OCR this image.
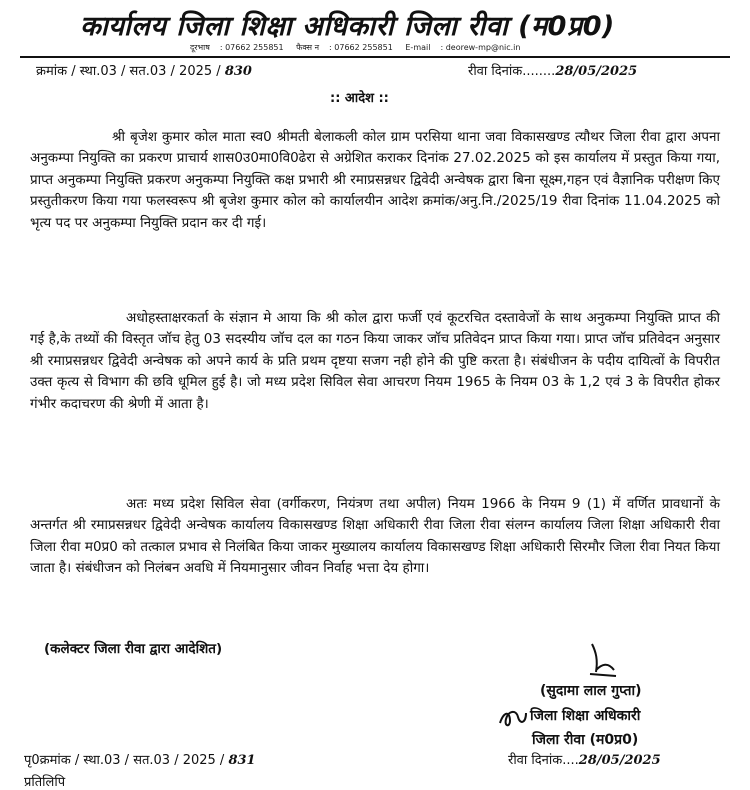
कार्यालय जिला शिक्षा अधिकारी जिला रीवा (म0प्र0)
दूरभाष : 07662 255851 फैक्स न : 07662 255851 E-mail : deorew-mp@nic.in
क्रमांक / स्था.03 / सत.03 / 2025 / 830	रीवा दिनांक........28/05/2025
:: आदेश ::

श्री बृजेश कुमार कोल माता स्व0 श्रीमती बेलाकली कोल ग्राम परसिया थाना जवा विकासखण्ड त्यौथर जिला रीवा द्वारा अपना अनुकम्पा नियुक्ति का प्रकरण प्राचार्य शास0उ0मा0वि0ढेरा से अग्रेशित कराकर दिनांक 27.02.2025 को इस कार्यालय में प्रस्तुत किया गया, प्राप्त अनुकम्पा नियुक्ति प्रकरण अनुकम्पा नियुक्ति कक्ष प्रभारी श्री रमाप्रसन्नधर द्विवेदी अन्वेषक द्वारा बिना सूक्ष्म,गहन एवं वैज्ञानिक परीक्षण किए प्रस्तुतीकरण किया गया फलस्वरूप श्री बृजेश कुमार कोल को कार्यालयीन आदेश क्रमांक/अनु.नि./2025/19 रीवा दिनांक 11.04.2025 को भृत्य पद पर अनुकम्पा नियुक्ति प्रदान कर दी गई।

अधोहस्ताक्षरकर्ता के संज्ञान मे आया कि श्री कोल द्वारा फर्जी एवं कूटरचित दस्तावेजों के साथ अनुकम्पा नियुक्ति प्राप्त की गई है,के तथ्यों की विस्तृत जॉच हेतु 03 सदस्यीय जॉच दल का गठन किया जाकर जॉच प्रतिवेदन प्राप्त किया गया। प्राप्त जॉच प्रतिवेदन अनुसार श्री रमाप्रसन्नधर द्विवेदी अन्वेषक को अपने कार्य के प्रति प्रथम दृष्टया सजग नही होने की पुष्टि करता है। संबंधीजन के पदीय दायित्वों के विपरीत उक्त कृत्य से विभाग की छवि धूमिल हुई है। जो मध्य प्रदेश सिविल सेवा आचरण नियम 1965 के नियम 03 के 1,2 एवं 3 के विपरीत होकर गंभीर कदाचरण की श्रेणी में आता है।

अतः मध्य प्रदेश सिविल सेवा (वर्गीकरण, नियंत्रण तथा अपील) नियम 1966 के नियम 9 (1) में वर्णित प्रावधानों के अन्तर्गत श्री रमाप्रसन्नधर द्विवेदी अन्वेषक कार्यालय विकासखण्ड शिक्षा अधिकारी रीवा जिला रीवा संलग्न कार्यालय जिला शिक्षा अधिकारी रीवा जिला रीवा म0प्र0 को तत्काल प्रभाव से निलंबित किया जाकर मुख्यालय कार्यालय विकासखण्ड शिक्षा अधिकारी सिरमौर जिला रीवा नियत किया जाता है। संबंधीजन को निलंबन अवधि में नियमानुसार जीवन निर्वाह भत्ता देय होगा।

(कलेक्टर जिला रीवा द्वारा आदेशित)
(सुदामा लाल गुप्ता)
जिला शिक्षा अधिकारी
जिला रीवा (म0प्र0)
पृ0क्रमांक / स्था.03 / सत.03 / 2025 / 831	रीवा दिनांक....28/05/2025
प्रतिलिपि
